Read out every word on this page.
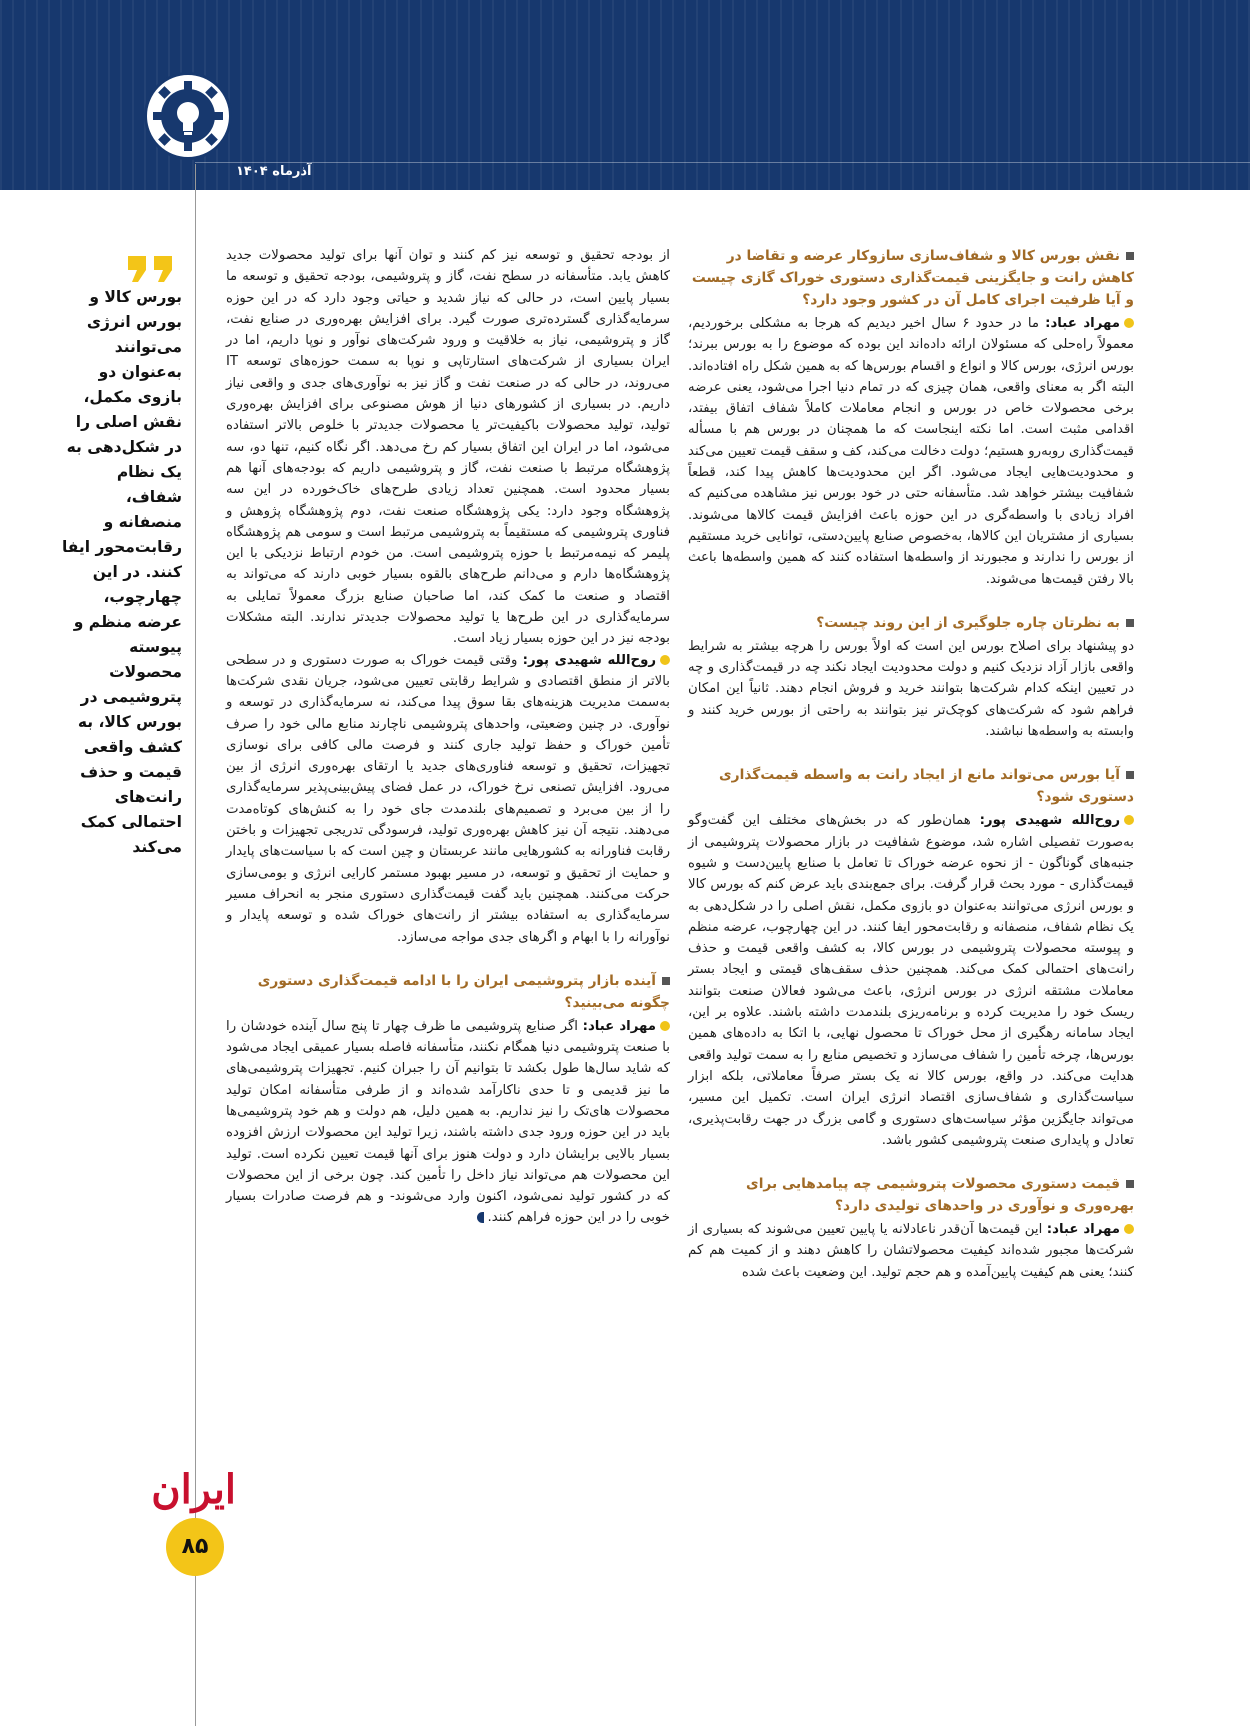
آذرماه ۱۴۰۴

نقش بورس کالا و شفاف‌سازی سازوکار عرضه و تقاضا در کاهش رانت و جایگزینی قیمت‌گذاری دستوری خوراک گازی چیست و آیا ظرفیت اجرای کامل آن در کشور وجود دارد؟

مهراد عباد: ما در حدود ۶ سال اخیر دیدیم که هرجا به مشکلی برخوردیم، معمولاً راه‌حلی که مسئولان ارائه داده‌اند این بوده که موضوع را به بورس ببرند؛ بورس انرژی، بورس کالا و انواع و اقسام بورس‌ها که به همین شکل راه افتاده‌اند. البته اگر به معنای واقعی، همان چیزی که در تمام دنیا اجرا می‌شود، یعنی عرضه برخی محصولات خاص در بورس و انجام معاملات کاملاً شفاف اتفاق بیفتد، اقدامی مثبت است. اما نکته اینجاست که ما همچنان در بورس هم با مسأله قیمت‌گذاری روبه‌رو هستیم؛ دولت دخالت می‌کند، کف و سقف قیمت تعیین می‌کند و محدودیت‌هایی ایجاد می‌شود. اگر این محدودیت‌ها کاهش پیدا کند، قطعاً شفافیت بیشتر خواهد شد. متأسفانه حتی در خود بورس نیز مشاهده می‌کنیم که افراد زیادی با واسطه‌گری در این حوزه باعث افزایش قیمت کالاها می‌شوند. بسیاری از مشتریان این کالاها، به‌خصوص صنایع پایین‌دستی، توانایی خرید مستقیم از بورس را ندارند و مجبورند از واسطه‌ها استفاده کنند که همین واسطه‌ها باعث بالا رفتن قیمت‌ها می‌شوند.

به نظرتان چاره جلوگیری از این روند چیست؟

دو پیشنهاد برای اصلاح بورس این است که اولاً بورس را هرچه بیشتر به شرایط واقعی بازار آزاد نزدیک کنیم و دولت محدودیت ایجاد نکند چه در قیمت‌گذاری و چه در تعیین اینکه کدام شرکت‌ها بتوانند خرید و فروش انجام دهند. ثانیاً این امکان فراهم شود که شرکت‌های کوچک‌تر نیز بتوانند به راحتی از بورس خرید کنند و وابسته به واسطه‌ها نباشند.

آیا بورس می‌تواند مانع از ایجاد رانت به واسطه قیمت‌گذاری دستوری شود؟

روح‌الله شهیدی پور: همان‌طور که در بخش‌های مختلف این گفت‌وگو به‌صورت تفصیلی اشاره شد، موضوع شفافیت در بازار محصولات پتروشیمی از جنبه‌های گوناگون - از نحوه عرضه خوراک تا تعامل با صنایع پایین‌دست و شیوه قیمت‌گذاری - مورد بحث قرار گرفت. برای جمع‌بندی باید عرض کنم که بورس کالا و بورس انرژی می‌توانند به‌عنوان دو بازوی مکمل، نقش اصلی را در شکل‌دهی به یک نظام شفاف، منصفانه و رقابت‌محور ایفا کنند. در این چهارچوب، عرضه منظم و پیوسته محصولات پتروشیمی در بورس کالا، به کشف واقعی قیمت و حذف رانت‌های احتمالی کمک می‌کند. همچنین حذف سقف‌های قیمتی و ایجاد بستر معاملات مشتقه انرژی در بورس انرژی، باعث می‌شود فعالان صنعت بتوانند ریسک خود را مدیریت کرده و برنامه‌ریزی بلندمدت داشته باشند. علاوه بر این، ایجاد سامانه رهگیری از محل خوراک تا محصول نهایی، با اتکا به داده‌های همین بورس‌ها، چرخه تأمین را شفاف می‌سازد و تخصیص منابع را به سمت تولید واقعی هدایت می‌کند. در واقع، بورس کالا نه یک بستر صرفاً معاملاتی، بلکه ابزار سیاست‌گذاری و شفاف‌سازی اقتصاد انرژی ایران است. تکمیل این مسیر، می‌تواند جایگزین مؤثر سیاست‌های دستوری و گامی بزرگ در جهت رقابت‌پذیری، تعادل و پایداری صنعت پتروشیمی کشور باشد.

قیمت دستوری محصولات پتروشیمی چه پیامدهایی برای بهره‌وری و نوآوری در واحدهای تولیدی دارد؟

مهراد عباد: این قیمت‌ها آن‌قدر ناعادلانه یا پایین تعیین می‌شوند که بسیاری از شرکت‌ها مجبور شده‌اند کیفیت محصولاتشان را کاهش دهند و از کمیت هم کم کنند؛ یعنی هم کیفیت پایین‌آمده و هم حجم تولید. این وضعیت باعث شده

از بودجه تحقیق و توسعه نیز کم کنند و توان آنها برای تولید محصولات جدید کاهش یابد. متأسفانه در سطح نفت، گاز و پتروشیمی، بودجه تحقیق و توسعه ما بسیار پایین است، در حالی که نیاز شدید و حیاتی وجود دارد که در این حوزه سرمایه‌گذاری گسترده‌تری صورت گیرد. برای افزایش بهره‌وری در صنایع نفت، گاز و پتروشیمی، نیاز به خلاقیت و ورود شرکت‌های نوآور و نوپا داریم، اما در ایران بسیاری از شرکت‌های استارتاپی و نوپا به سمت حوزه‌های توسعه IT می‌روند، در حالی که در صنعت نفت و گاز نیز به نوآوری‌های جدی و واقعی نیاز داریم. در بسیاری از کشورهای دنیا از هوش مصنوعی برای افزایش بهره‌وری تولید، تولید محصولات باکیفیت‌تر یا محصولات جدیدتر با خلوص بالاتر استفاده می‌شود، اما در ایران این اتفاق بسیار کم رخ می‌دهد. اگر نگاه کنیم، تنها دو، سه پژوهشگاه مرتبط با صنعت نفت، گاز و پتروشیمی داریم که بودجه‌های آنها هم بسیار محدود است. همچنین تعداد زیادی طرح‌های خاک‌خورده در این سه پژوهشگاه وجود دارد: یکی پژوهشگاه صنعت نفت، دوم پژوهشگاه پژوهش و فناوری پتروشیمی که مستقیماً به پتروشیمی مرتبط است و سومی هم پژوهشگاه پلیمر که نیمه‌مرتبط با حوزه پتروشیمی است. من خودم ارتباط نزدیکی با این پژوهشگاه‌ها دارم و می‌دانم طرح‌های بالقوه بسیار خوبی دارند که می‌تواند به اقتصاد و صنعت ما کمک کند، اما صاحبان صنایع بزرگ معمولاً تمایلی به سرمایه‌گذاری در این طرح‌ها یا تولید محصولات جدیدتر ندارند. البته مشکلات بودجه نیز در این حوزه بسیار زیاد است.

روح‌الله شهیدی پور: وقتی قیمت خوراک به صورت دستوری و در سطحی بالاتر از منطق اقتصادی و شرایط رقابتی تعیین می‌شود، جریان نقدی شرکت‌ها به‌سمت مدیریت هزینه‌های بقا سوق پیدا می‌کند، نه سرمایه‌گذاری در توسعه و نوآوری. در چنین وضعیتی، واحدهای پتروشیمی ناچارند منابع مالی خود را صرف تأمین خوراک و حفظ تولید جاری کنند و فرصت مالی کافی برای نوسازی تجهیزات، تحقیق و توسعه فناوری‌های جدید یا ارتقای بهره‌وری انرژی از بین می‌رود. افزایش تصنعی نرخ خوراک، در عمل فضای پیش‌بینی‌پذیر سرمایه‌گذاری را از بین می‌برد و تصمیم‌های بلندمدت جای خود را به کنش‌های کوتاه‌مدت می‌دهند. نتیجه آن نیز کاهش بهره‌وری تولید، فرسودگی تدریجی تجهیزات و باختن رقابت فناورانه به کشورهایی مانند عربستان و چین است که با سیاست‌های پایدار و حمایت از تحقیق و توسعه، در مسیر بهبود مستمر کارایی انرژی و بومی‌سازی حرکت می‌کنند. همچنین باید گفت قیمت‌گذاری دستوری منجر به انحراف مسیر سرمایه‌گذاری به استفاده بیشتر از رانت‌های خوراک شده و توسعه پایدار و نوآورانه را با ابهام و اگرهای جدی مواجه می‌سازد.

آینده بازار پتروشیمی ایران را با ادامه قیمت‌گذاری دستوری چگونه می‌بینید؟

مهراد عباد: اگر صنایع پتروشیمی ما ظرف چهار تا پنج سال آینده خودشان را با صنعت پتروشیمی دنیا همگام نکنند، متأسفانه فاصله بسیار عمیقی ایجاد می‌شود که شاید سال‌ها طول بکشد تا بتوانیم آن را جبران کنیم. تجهیزات پتروشیمی‌های ما نیز قدیمی و تا حدی ناکارآمد شده‌اند و از طرفی متأسفانه امکان تولید محصولات های‌تک را نیز نداریم. به همین دلیل، هم دولت و هم خود پتروشیمی‌ها باید در این حوزه ورود جدی داشته باشند، زیرا تولید این محصولات ارزش افزوده بسیار بالایی برایشان دارد و دولت هنوز برای آنها قیمت تعیین نکرده است. تولید این محصولات هم می‌تواند نیاز داخل را تأمین کند. چون برخی از این محصولات که در کشور تولید نمی‌شود، اکنون وارد می‌شوند- و هم فرصت صادرات بسیار خوبی را در این حوزه فراهم کنند.

بورس کالا و بورس انرژی می‌توانند به‌عنوان دو بازوی مکمل، نقش اصلی را در شکل‌دهی به یک نظام شفاف، منصفانه و رقابت‌محور ایفا کنند. در این چهارچوب، عرضه منظم و پیوسته محصولات پتروشیمی در بورس کالا، به کشف واقعی قیمت و حذف رانت‌های احتمالی کمک می‌کند
ایران
۸۵
